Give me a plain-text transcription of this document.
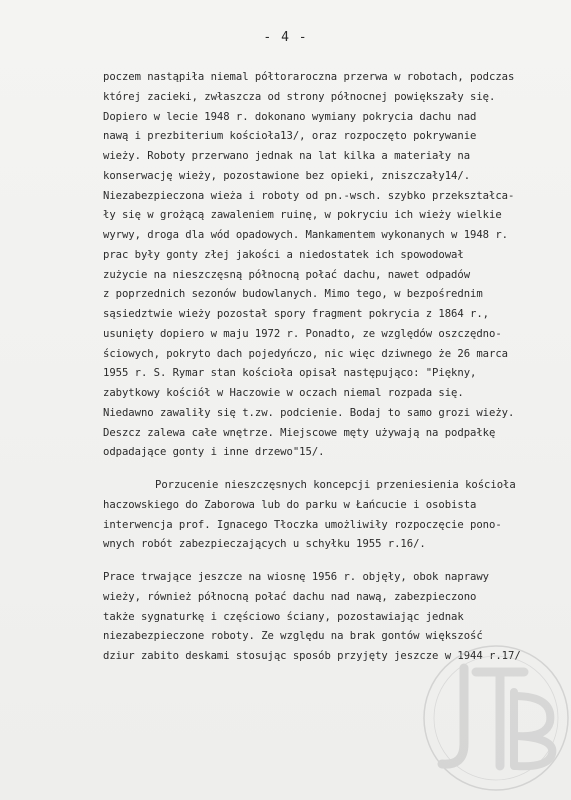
- 4 -
poczem nastąpiła niemal półtoraroczna przerwa w robotach, podczas
której zacieki, zwłaszcza od strony północnej powiększały się.
Dopiero w lecie 1948 r. dokonano wymiany pokrycia dachu nad
nawą i prezbiterium kościoła13/, oraz rozpoczęto pokrywanie
wieży. Roboty przerwano jednak na lat kilka a materiały na
konserwację wieży, pozostawione bez opieki, zniszczały14/.
Niezabezpieczona wieża i roboty od pn.-wsch. szybko przekształca-
ły się w grożącą zawaleniem ruinę, w pokryciu ich wieży wielkie
wyrwy, droga dla wód opadowych. Mankamentem wykonanych w 1948 r.
prac były gonty złej jakości a niedostatek ich spowodował
zużycie na nieszczęsną północną połać dachu, nawet odpadów
z poprzednich sezonów budowlanych. Mimo tego, w bezpośrednim
sąsiedztwie wieży pozostał spory fragment pokrycia z 1864 r.,
usunięty dopiero w maju 1972 r. Ponadto, ze względów oszczędno-
ściowych, pokryto dach pojedyńczo, nic więc dziwnego że 26 marca
1955 r. S. Rymar stan kościoła opisał następująco: "Piękny,
zabytkowy kościół w Haczowie w oczach niemal rozpada się.
Niedawno zawaliły się t.zw. podcienie. Bodaj to samo grozi wieży.
Deszcz zalewa całe wnętrze. Miejscowe męty używają na podpałkę
odpadające gonty i inne drzewo"15/.
Porzucenie nieszczęsnych koncepcji przeniesienia kościoła
haczowskiego do Zaborowa lub do parku w Łańcucie i osobista
interwencja prof. Ignacego Tłoczka umożliwiły rozpoczęcie pono-
wnych robót zabezpieczających u schyłku 1955 r.16/.
Prace trwające jeszcze na wiosnę 1956 r. objęły, obok naprawy
wieży, również północną połać dachu nad nawą, zabezpieczono
także sygnaturkę i częściowo ściany, pozostawiając jednak
niezabezpieczone roboty. Ze względu na brak gontów większość
dziur zabito deskami stosując sposób przyjęty jeszcze w 1944 r.17/
